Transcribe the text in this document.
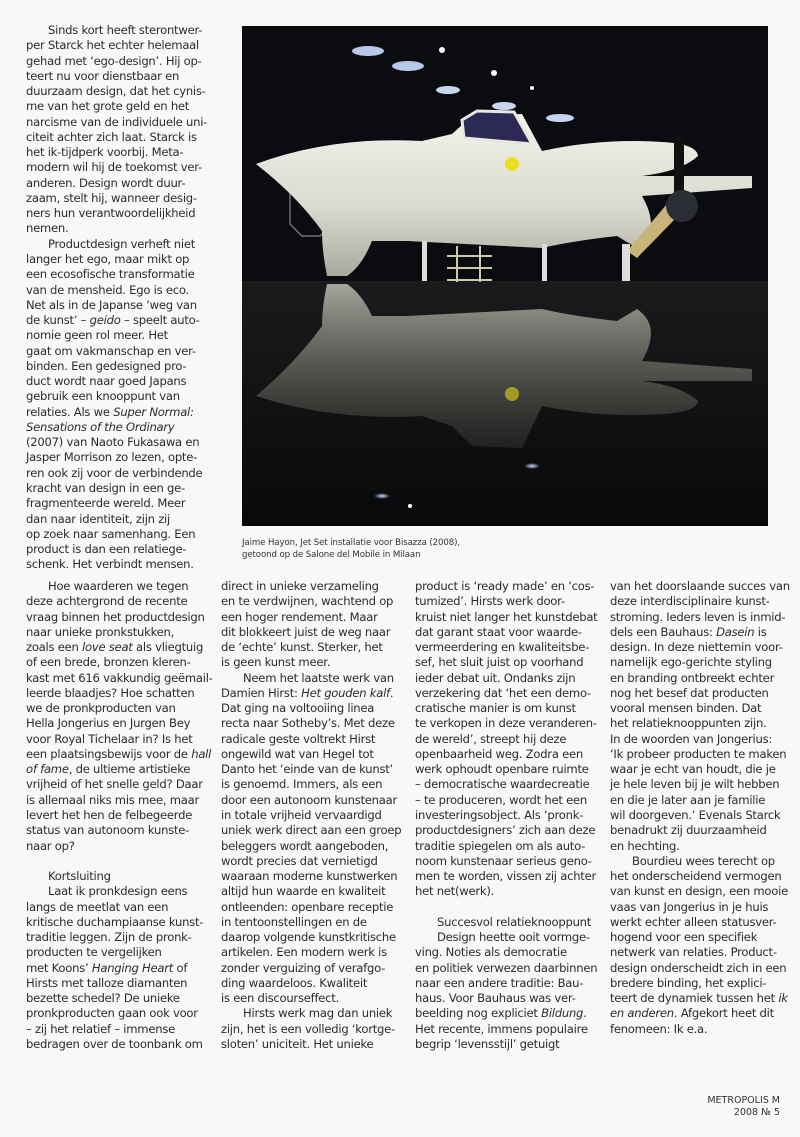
Sinds kort heeft sterontwer-
per Starck het echter helemaal
gehad met ‘ego-design’. Hij op-
teert nu voor dienstbaar en
duurzaam design, dat het cynis-
me van het grote geld en het
narcisme van de individuele uni-
citeit achter zich laat. Starck is
het ik-tijdperk voorbij. Meta-
modern wil hij de toekomst ver-
anderen. Design wordt duur-
zaam, stelt hij, wanneer desig-
ners hun verantwoordelijkheid
nemen.
Productdesign verheft niet
langer het ego, maar mikt op
een ecosofische transformatie
van de mensheid. Ego is eco.
Net als in de Japanse ‘weg van
de kunst’ – geido – speelt auto-
nomie geen rol meer. Het
gaat om vakmanschap en ver-
binden. Een gedesigned pro-
duct wordt naar goed Japans
gebruik een knooppunt van
relaties. Als we Super Normal:
Sensations of the Ordinary
(2007) van Naoto Fukasawa en
Jasper Morrison zo lezen, opte-
ren ook zij voor de verbindende
kracht van design in een ge-
fragmenteerde wereld. Meer
dan naar identiteit, zijn zij
op zoek naar samenhang. Een
product is dan een relatiege-
schenk. Het verbindt mensen.
Jaime Hayon, Jet Set installatie voor Bisazza (2008),
getoond op de Salone del Mobile in Milaan
Hoe waarderen we tegen
deze achtergrond de recente
vraag binnen het productdesign
naar unieke pronkstukken,
zoals een love seat als vliegtuig
of een brede, bronzen kleren-
kast met 616 vakkundig geëmail-
leerde blaadjes? Hoe schatten
we de pronkproducten van
Hella Jongerius en Jurgen Bey
voor Royal Tichelaar in? Is het
een plaatsingsbewijs voor de hall
of fame, de ultieme artistieke
vrijheid of het snelle geld? Daar
is allemaal niks mis mee, maar
levert het hen de felbegeerde
status van autonoom kunste-
naar op?
Kortsluiting
Laat ik pronkdesign eens
langs de meetlat van een
kritische duchampiaanse kunst-
traditie leggen. Zijn de pronk-
producten te vergelijken
met Koons’ Hanging Heart of
Hirsts met talloze diamanten
bezette schedel? De unieke
pronkproducten gaan ook voor
– zij het relatief – immense
bedragen over de toonbank om
direct in unieke verzameling
en te verdwijnen, wachtend op
een hoger rendement. Maar
dit blokkeert juist de weg naar
de ‘echte’ kunst. Sterker, het
is geen kunst meer.
Neem het laatste werk van
Damien Hirst: Het gouden kalf.
Dat ging na voltooiing linea
recta naar Sotheby’s. Met deze
radicale geste voltrekt Hirst
ongewild wat van Hegel tot
Danto het ‘einde van de kunst’
is genoemd. Immers, als een
door een autonoom kunstenaar
in totale vrijheid vervaardigd
uniek werk direct aan een groep
beleggers wordt aangeboden,
wordt precies dat vernietigd
waaraan moderne kunstwerken
altijd hun waarde en kwaliteit
ontleenden: openbare receptie
in tentoonstellingen en de
daarop volgende kunstkritische
artikelen. Een modern werk is
zonder verguizing of verafgo-
ding waardeloos. Kwaliteit
is een discourseffect.
Hirsts werk mag dan uniek
zijn, het is een volledig ‘kortge-
sloten’ uniciteit. Het unieke
product is ‘ready made’ en ‘cos-
tumized’. Hirsts werk door-
kruist niet langer het kunstdebat
dat garant staat voor waarde-
vermeerdering en kwaliteitsbe-
sef, het sluit juist op voorhand
ieder debat uit. Ondanks zijn
verzekering dat ‘het een demo-
cratische manier is om kunst
te verkopen in deze veranderen-
de wereld’, streept hij deze
openbaarheid weg. Zodra een
werk ophoudt openbare ruimte
– democratische waardecreatie
– te produceren, wordt het een
investeringsobject. Als ‘pronk-
productdesigners’ zich aan deze
traditie spiegelen om als auto-
noom kunstenaar serieus geno-
men te worden, vissen zij achter
het net(werk).
Succesvol relatieknooppunt
Design heette ooit vormge-
ving. Noties als democratie
en politiek verwezen daarbinnen
naar een andere traditie: Bau-
haus. Voor Bauhaus was ver-
beelding nog expliciet Bildung.
Het recente, immens populaire
begrip ‘levensstijl’ getuigt
van het doorslaande succes van
deze interdisciplinaire kunst-
stroming. Ieders leven is inmid-
dels een Bauhaus: Dasein is
design. In deze niettemin voor-
namelijk ego-gerichte styling
en branding ontbreekt echter
nog het besef dat producten
vooral mensen binden. Dat
het relatieknooppunten zijn.
In de woorden van Jongerius:
‘Ik probeer producten te maken
waar je echt van houdt, die je
je hele leven bij je wilt hebben
en die je later aan je familie
wil doorgeven.’ Evenals Starck
benadrukt zij duurzaamheid
en hechting.
Bourdieu wees terecht op
het onderscheidend vermogen
van kunst en design, een mooie
vaas van Jongerius in je huis
werkt echter alleen statusver-
hogend voor een specifiek
netwerk van relaties. Product-
design onderscheidt zich in een
bredere binding, het explici-
teert de dynamiek tussen het ik
en anderen. Afgekort heet dit
fenomeen: Ik e.a.
METROPOLIS M
2008 № 5
